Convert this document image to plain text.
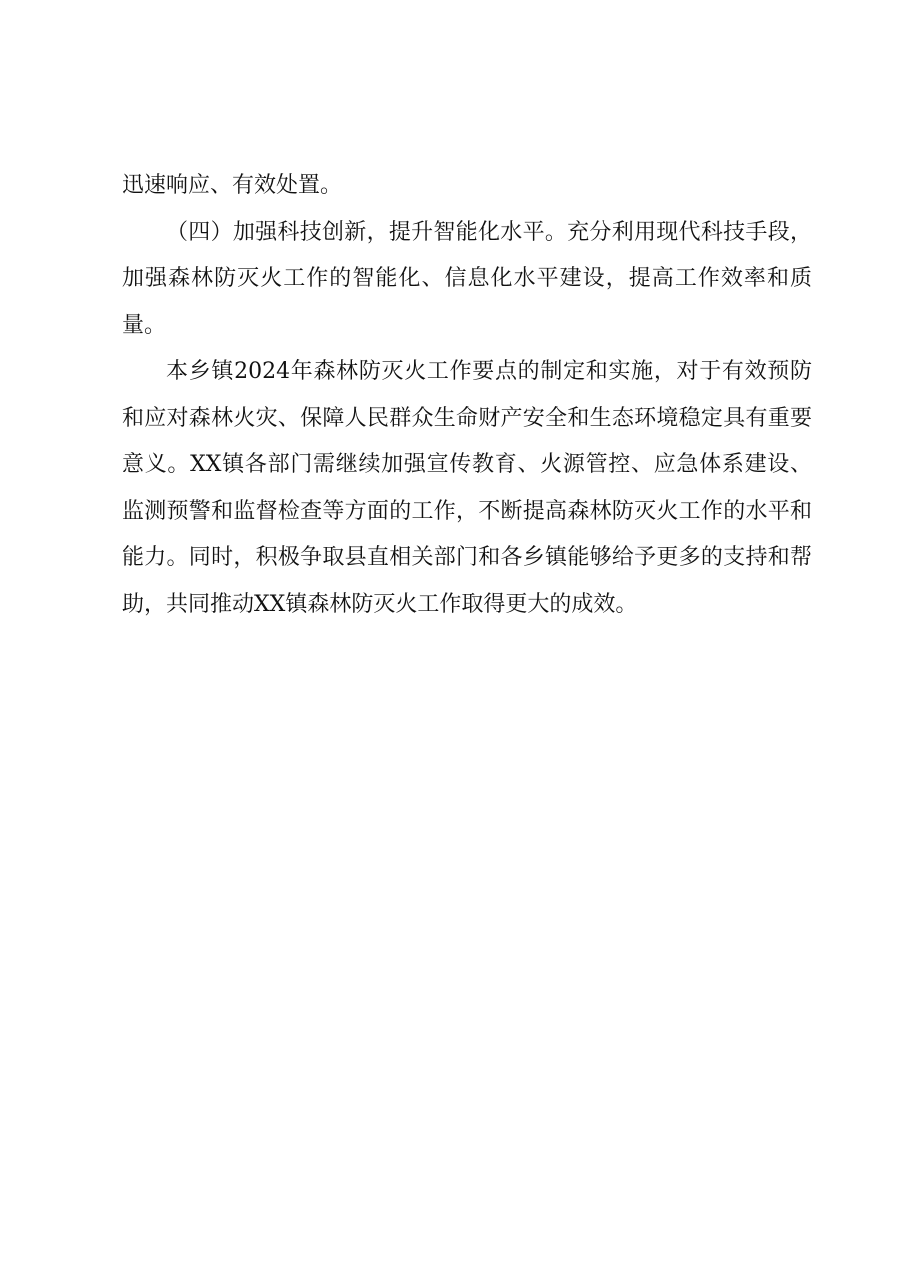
迅速响应、有效处置。

（四）加强科技创新，提升智能化水平。充分利用现代科技手段，加强森林防灭火工作的智能化、信息化水平建设，提高工作效率和质量。

本乡镇2024年森林防灭火工作要点的制定和实施，对于有效预防和应对森林火灾、保障人民群众生命财产安全和生态环境稳定具有重要意义。XX镇各部门需继续加强宣传教育、火源管控、应急体系建设、监测预警和监督检查等方面的工作，不断提高森林防灭火工作的水平和能力。同时，积极争取县直相关部门和各乡镇能够给予更多的支持和帮助，共同推动XX镇森林防灭火工作取得更大的成效。
